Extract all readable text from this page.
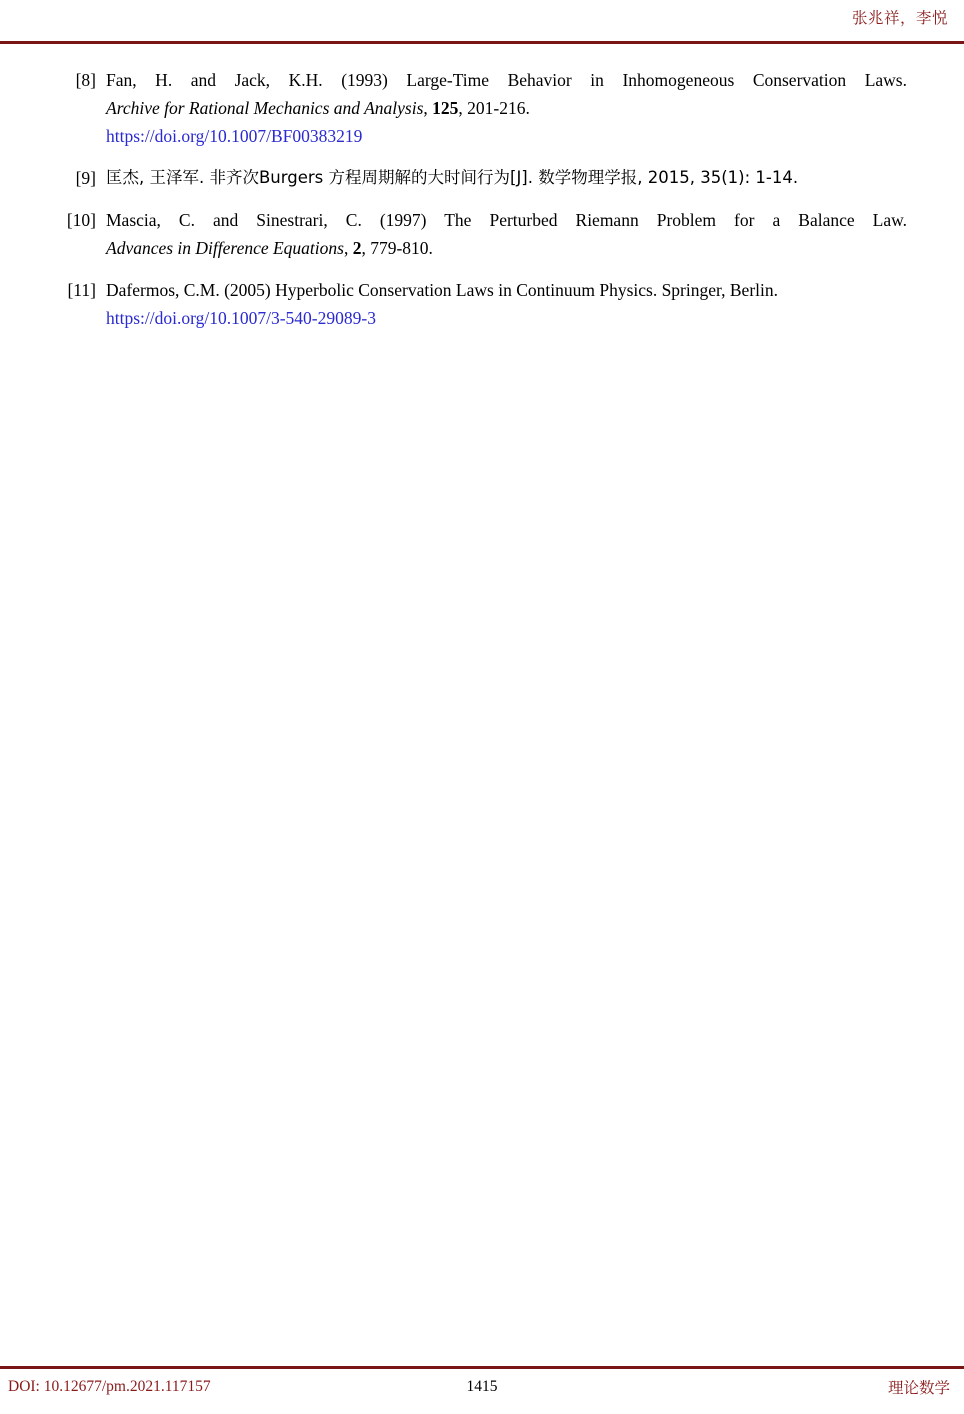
张兆祥，李悦
[8] Fan, H. and Jack, K.H. (1993) Large-Time Behavior in Inhomogeneous Conservation Laws.
Archive for Rational Mechanics and Analysis, 125, 201-216.
https://doi.org/10.1007/BF00383219
[9] 匡杰, 王泽军. 非齐次Burgers 方程周期解的大时间行为[J]. 数学物理学报, 2015, 35(1): 1-14.
[10] Mascia, C. and Sinestrari, C. (1997) The Perturbed Riemann Problem for a Balance Law.
Advances in Difference Equations, 2, 779-810.
[11] Dafermos, C.M. (2005) Hyperbolic Conservation Laws in Continuum Physics. Springer, Berlin.
https://doi.org/10.1007/3-540-29089-3
DOI: 10.12677/pm.2021.117157	1415	理论数学
